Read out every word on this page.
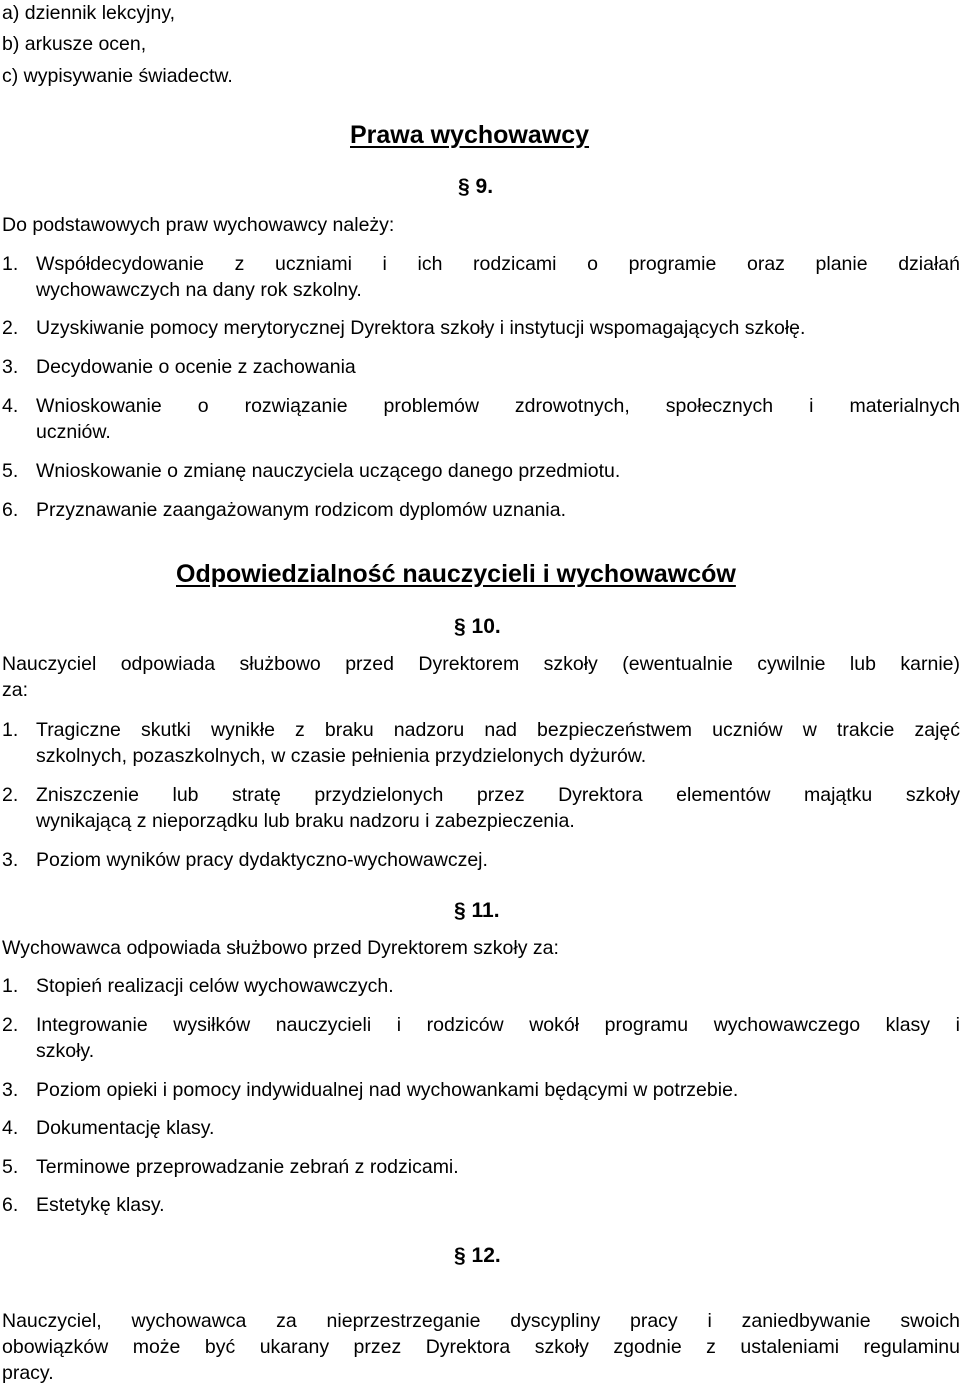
a) dziennik lekcyjny,
b) arkusze ocen,
c) wypisywanie świadectw.
Prawa wychowawcy
§ 9.
Do podstawowych praw wychowawcy należy:
1. Współdecydowanie z uczniami i ich rodzicami o programie oraz planie działań
wychowawczych na dany rok szkolny.
2. Uzyskiwanie pomocy merytorycznej Dyrektora szkoły i instytucji wspomagających szkołę.
3. Decydowanie o ocenie z zachowania
4. Wnioskowanie o rozwiązanie problemów zdrowotnych, społecznych i materialnych
uczniów.
5. Wnioskowanie o zmianę nauczyciela uczącego danego przedmiotu.
6. Przyznawanie zaangażowanym rodzicom dyplomów uznania.
Odpowiedzialność nauczycieli i wychowawców
§ 10.
Nauczyciel odpowiada służbowo przed Dyrektorem szkoły (ewentualnie cywilnie lub karnie)
za:
1. Tragiczne skutki wynikłe z braku nadzoru nad bezpieczeństwem uczniów w trakcie zajęć
szkolnych, pozaszkolnych, w czasie pełnienia przydzielonych dyżurów.
2. Zniszczenie lub stratę przydzielonych przez Dyrektora elementów majątku szkoły
wynikającą z nieporządku lub braku nadzoru i zabezpieczenia.
3. Poziom wyników pracy dydaktyczno-wychowawczej.
§ 11.
Wychowawca odpowiada służbowo przed Dyrektorem szkoły za:
1. Stopień realizacji celów wychowawczych.
2. Integrowanie wysiłków nauczycieli i rodziców wokół programu wychowawczego klasy i
szkoły.
3. Poziom opieki i pomocy indywidualnej nad wychowankami będącymi w potrzebie.
4. Dokumentację klasy.
5. Terminowe przeprowadzanie zebrań z rodzicami.
6. Estetykę klasy.
§ 12.
Nauczyciel, wychowawca za nieprzestrzeganie dyscypliny pracy i zaniedbywanie swoich
obowiązków może być ukarany przez Dyrektora szkoły zgodnie z ustaleniami regulaminu
pracy.
